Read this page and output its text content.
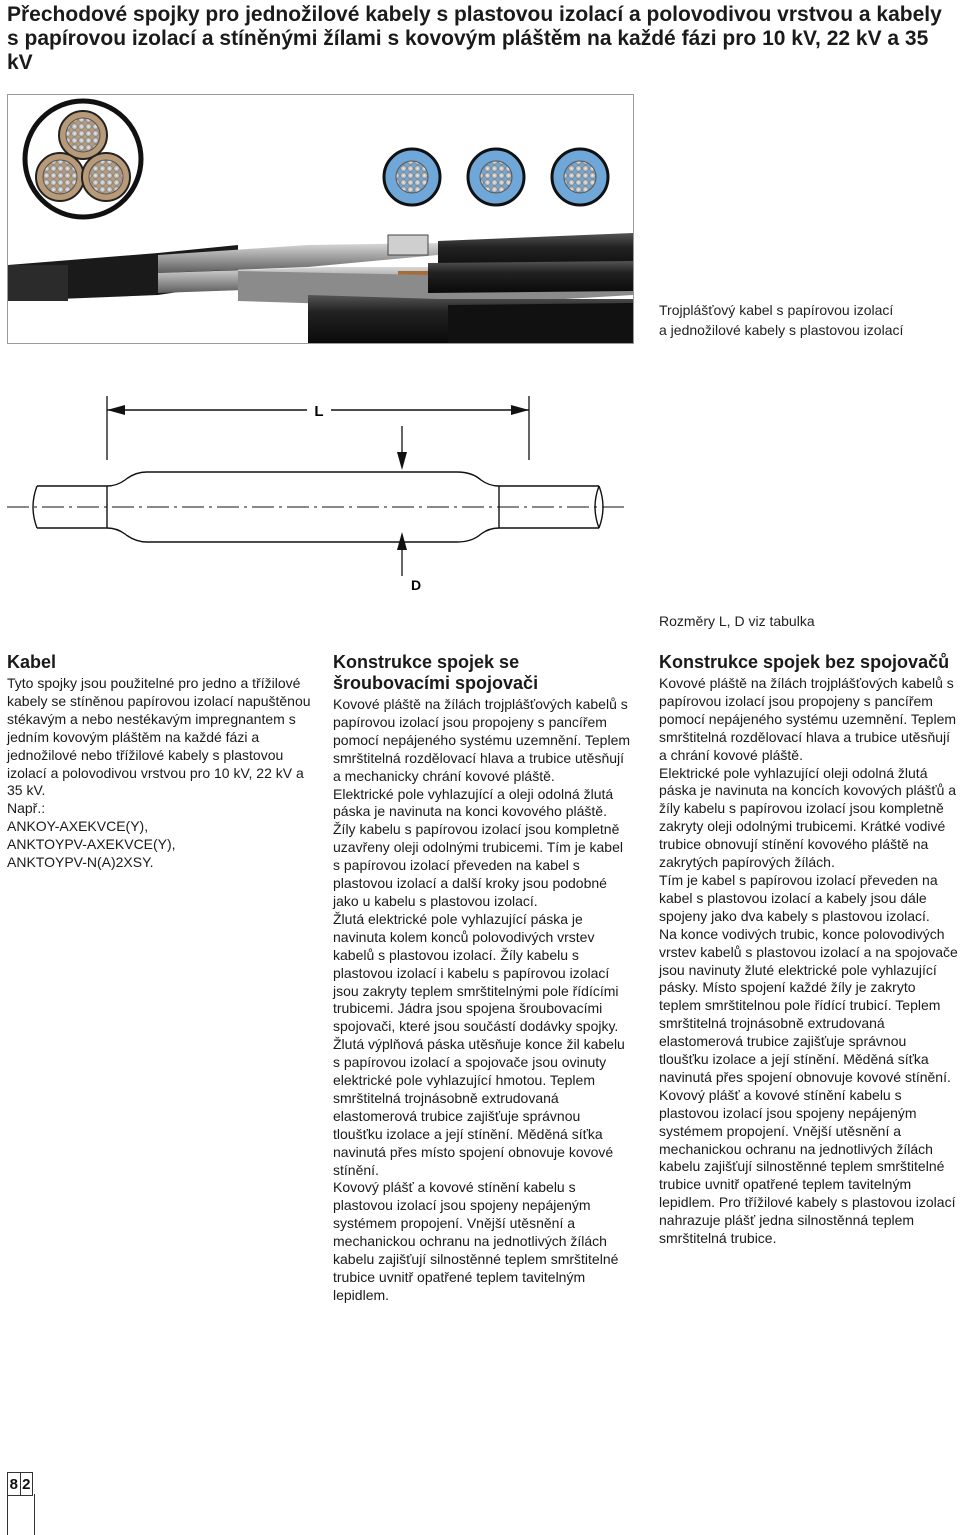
Přechodové spojky pro jednožilové kabely s plastovou izolací a polovodivou vrstvou a kabely s papírovou izolací a stíněnými žílami s kovovým pláštěm na každé fázi pro 10 kV, 22 kV a 35 kV
Trojplášťový kabel s papírovou izolací
a jednožilové kabely s plastovou izolací
L
D
Rozměry L, D viz tabulka
Kabel

Tyto spojky jsou použitelné pro jedno a třížilové kabely se stíněnou papírovou izolací napuštěnou stékavým a nebo nestékavým impregnantem s jedním kovovým pláštěm na každé fázi a jednožilové nebo třížilové kabely s plastovou izolací a polovodivou vrstvou pro 10 kV, 22 kV a 35 kV.

Např.:

ANKOY-AXEKVCE(Y),

ANKTOYPV-AXEKVCE(Y),

ANKTOYPV-N(A)2XSY.

Konstrukce spojek se šroubovacími spojovači

Kovové pláště na žílách trojplášťových kabelů s papírovou izolací jsou propojeny s pancířem pomocí nepájeného systému uzemnění. Teplem smrštitelná rozdělovací hlava a trubice utěsňují a mechanicky chrání kovové pláště.

Elektrické pole vyhlazující a oleji odolná žlutá páska je navinuta na konci kovového pláště. Žíly kabelu s papírovou izolací jsou kompletně uzavřeny oleji odolnými trubicemi. Tím je kabel s papírovou izolací převeden na kabel s plastovou izolací a další kroky jsou podobné jako u kabelu s plastovou izolací.

Žlutá elektrické pole vyhlazující páska je navinuta kolem konců polovodivých vrstev kabelů s plastovou izolací. Žíly kabelu s plastovou izolací i kabelu s papírovou izolací jsou zakryty teplem smrštitelnými pole řídícími trubicemi. Jádra jsou spojena šroubovacími spojovači, které jsou součástí dodávky spojky. Žlutá výplňová páska utěsňuje konce žil kabelu s papírovou izolací a spojovače jsou ovinuty elektrické pole vyhlazující hmotou. Teplem smrštitelná trojnásobně extrudovaná elastomerová trubice zajišťuje správnou tloušťku izolace a její stínění. Měděná síťka navinutá přes místo spojení obnovuje kovové stínění.

Kovový plášť a kovové stínění kabelu s plastovou izolací jsou spojeny nepájeným systémem propojení. Vnější utěsnění a mechanickou ochranu na jednotlivých žílách kabelu zajišťují silnostěnné teplem smrštitelné trubice uvnitř opatřené teplem tavitelným lepidlem.

Konstrukce spojek bez spojovačů

Kovové pláště na žílách trojplášťových kabelů s papírovou izolací jsou propojeny s pancířem pomocí nepájeného systému uzemnění. Teplem smrštitelná rozdělovací hlava a trubice utěsňují a chrání kovové pláště.

Elektrické pole vyhlazující oleji odolná žlutá páska je navinuta na koncích kovových plášťů a žíly kabelu s papírovou izolací jsou kompletně zakryty oleji odolnými trubicemi. Krátké vodivé trubice obnovují stínění kovového pláště na zakrytých papírových žílách.

Tím je kabel s papírovou izolací převeden na kabel s plastovou izolací a kabely jsou dále spojeny jako dva kabely s plastovou izolací.

Na konce vodivých trubic, konce polovodivých vrstev kabelů s plastovou izolací a na spojovače jsou navinuty žluté elektrické pole vyhlazující pásky. Místo spojení každé žíly je zakryto teplem smrštitelnou pole řídící trubicí. Teplem smrštitelná trojnásobně extrudovaná elastomerová trubice zajišťuje správnou tloušťku izolace a její stínění. Měděná síťka navinutá přes spojení obnovuje kovové stínění.

Kovový plášť a kovové stínění kabelu s plastovou izolací jsou spojeny nepájeným systémem propojení. Vnější utěsnění a mechanickou ochranu na jednotlivých žílách kabelu zajišťují silnostěnné teplem smrštitelné trubice uvnitř opatřené teplem tavitelným lepidlem. Pro třížilové kabely s plastovou izolací nahrazuje plášť jedna silnostěnná teplem smrštitelná trubice.

8 2
